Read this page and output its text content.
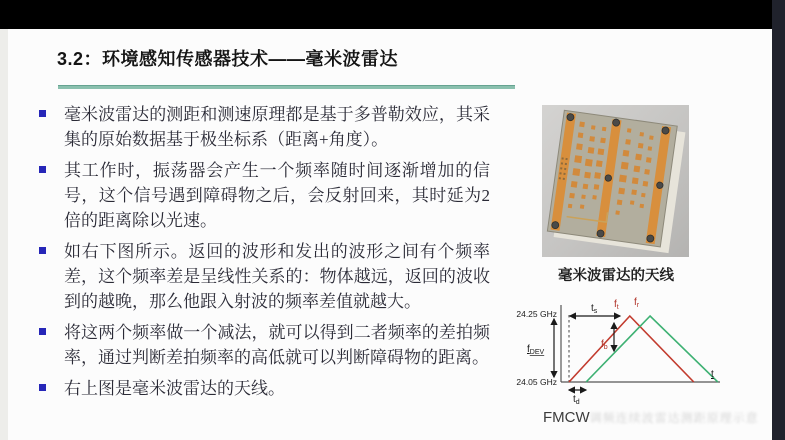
3.2：环境感知传感器技术——毫米波雷达
毫米波雷达的测距和测速原理都是基于多普勒效应，其采集的原始数据基于极坐标系（距离+角度）。
其工作时，振荡器会产生一个频率随时间逐渐增加的信号，这个信号遇到障碍物之后，会反射回来，其时延为2倍的距离除以光速。
如右下图所示。返回的波形和发出的波形之间有个频率差，这个频率差是呈线性关系的：物体越远，返回的波收到的越晚，那么他跟入射波的频率差值就越大。
将这两个频率做一个减法，就可以得到二者频率的差拍频率，通过判断差拍频率的高低就可以判断障碍物的距离。
右上图是毫米波雷达的天线。
毫米波雷达的天线
24.25 GHz
24.05 GHz
$f_{DEV}$
$t_s$
$f_t$ $f_r$
$f_b$
$t_d$
t
FMCW调频连续波雷达测距原理示意
